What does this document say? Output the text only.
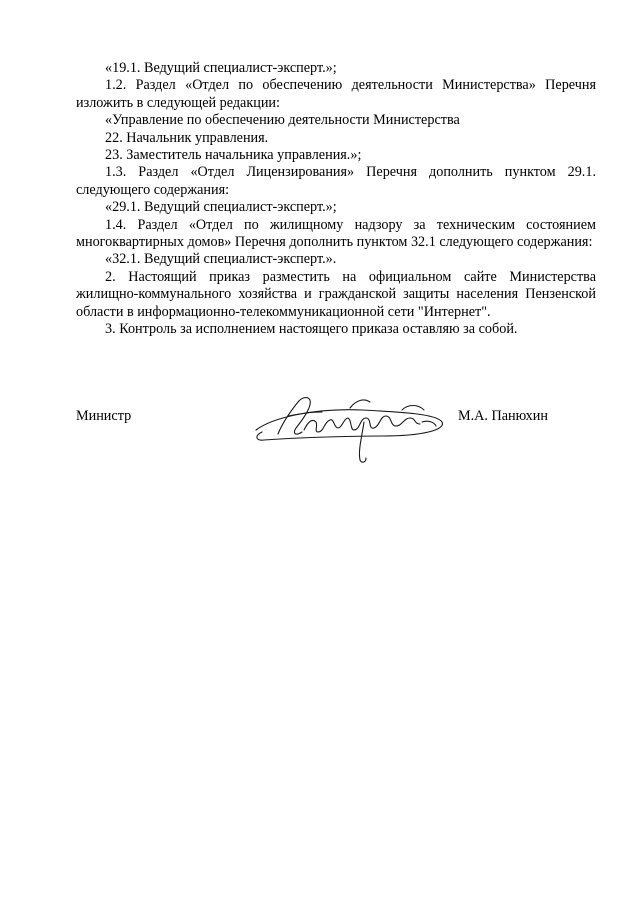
«19.1. Ведущий специалист-эксперт.»;

1.2. Раздел «Отдел по обеспечению деятельности Министерства» Перечня изложить в следующей редакции:

«Управление по обеспечению деятельности Министерства

22. Начальник управления.

23. Заместитель начальника управления.»;

1.3. Раздел «Отдел Лицензирования» Перечня дополнить пунктом 29.1. следующего содержания:

«29.1. Ведущий специалист-эксперт.»;

1.4. Раздел «Отдел по жилищному надзору за техническим состоянием многоквартирных домов» Перечня дополнить пунктом 32.1 следующего содержания:

«32.1. Ведущий специалист-эксперт.».

2. Настоящий приказ разместить на официальном сайте Министерства жилищно-коммунального хозяйства и гражданской защиты населения Пензенской области в информационно-телекоммуникационной сети "Интернет".

3. Контроль за исполнением настоящего приказа оставляю за собой.

Министр	М.А. Панюхин
